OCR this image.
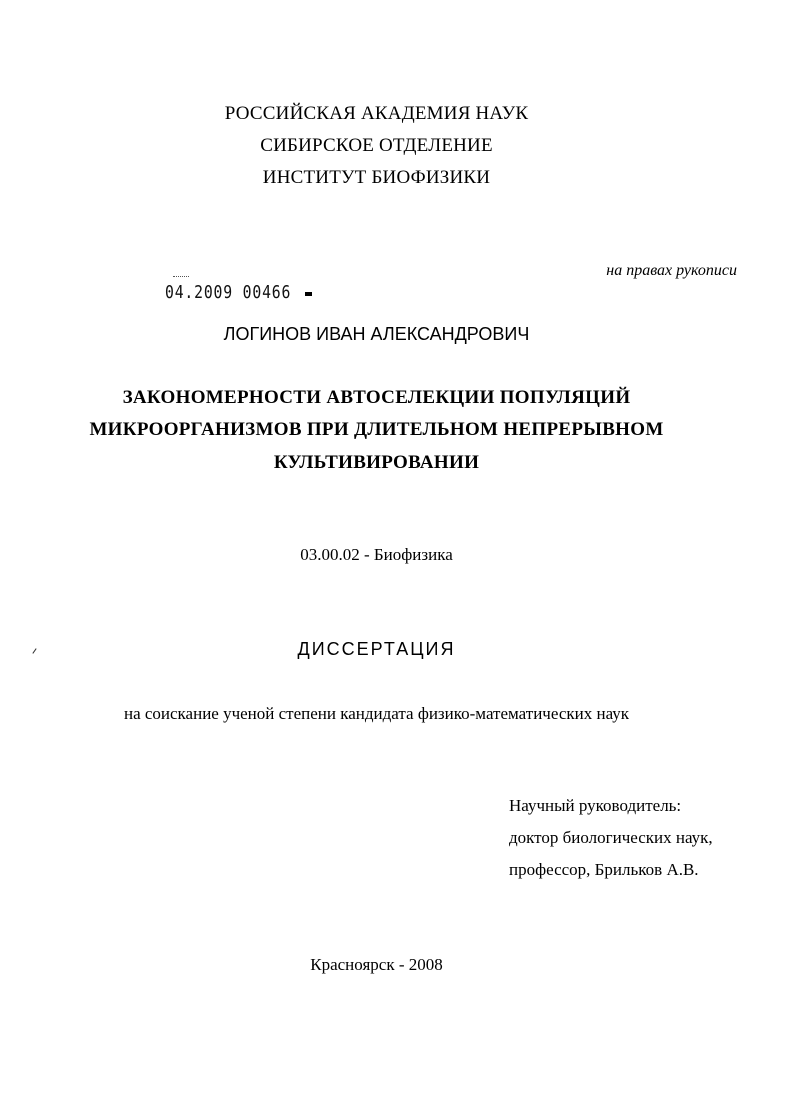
РОССИЙСКАЯ АКАДЕМИЯ НАУК
СИБИРСКОЕ ОТДЕЛЕНИЕ
ИНСТИТУТ БИОФИЗИКИ
на правах рукописи
04.2009 00466
ЛОГИНОВ ИВАН АЛЕКСАНДРОВИЧ
ЗАКОНОМЕРНОСТИ АВТОСЕЛЕКЦИИ ПОПУЛЯЦИЙ
МИКРООРГАНИЗМОВ ПРИ ДЛИТЕЛЬНОМ НЕПРЕРЫВНОМ
КУЛЬТИВИРОВАНИИ
03.00.02 - Биофизика
ДИССЕРТАЦИЯ
на соискание ученой степени кандидата физико-математических наук
Научный руководитель:
доктор биологических наук,
профессор, Брильков А.В.
Красноярск - 2008
